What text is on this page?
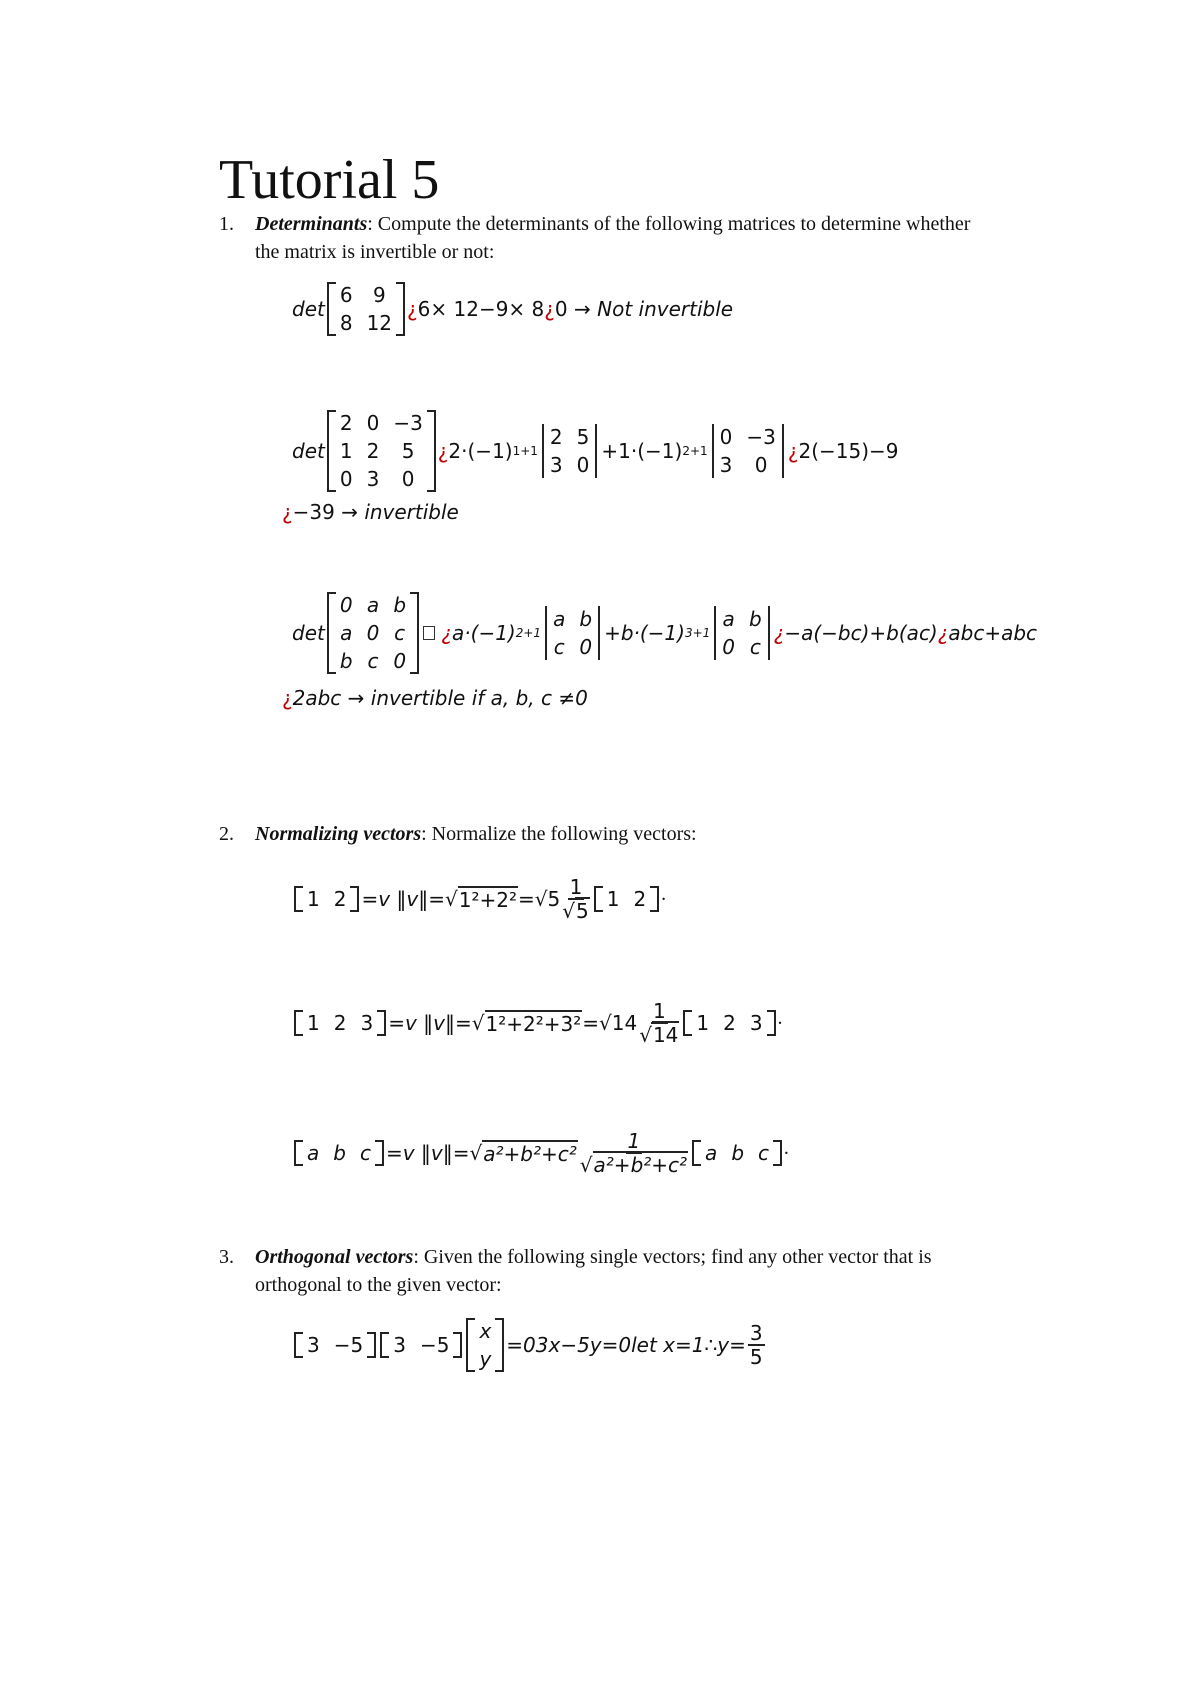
Tutorial 5
1. Determinants: Compute the determinants of the following matrices to determine whether
the matrix is invertible or not:
det
6	9
8 12
¿ 6× 12−9× 8 ¿ 0
→
Not invertible
det
2 0 −3
1 2	5
0 3	0
¿ 2·(−1) 1+1
2 5
3 0
+1·(−1) 2+1
0 −3
3	0
¿ 2(−15)−9
¿ −39 →
invertible
det
0 a b
a 0 c
b c 0

¿ a·(−1) 2+1
a b
c 0
+b·(−1) 3+1
a b
0 c
¿ −a(−bc)+b(ac) ¿ abc+abc
¿ 2abc →
invertible if a, b, c ≠0
2. Normalizing vectors: Normalize the following vectors:
1 2 =v ‖v‖= √ $1^2+2^2 =√5 \frac{1}{√5} 1$ 2 •
1 2 3 =v ‖v‖= √ $1^2+2^2+3^2 =√14 \frac{1}{√14} 1$ 2 3 •
a b c =v ‖v‖= √ $a^2+b^2+c^2 \frac{1}{\text{√a²+b²+c²}}$ a b c •
3. Orthogonal vectors: Given the following single vectors; find any other vector that is
orthogonal to the given vector:
3 −5 3 −5
x
y
=03x−5y=0let x=1∴y= $\frac{3}{5}$
